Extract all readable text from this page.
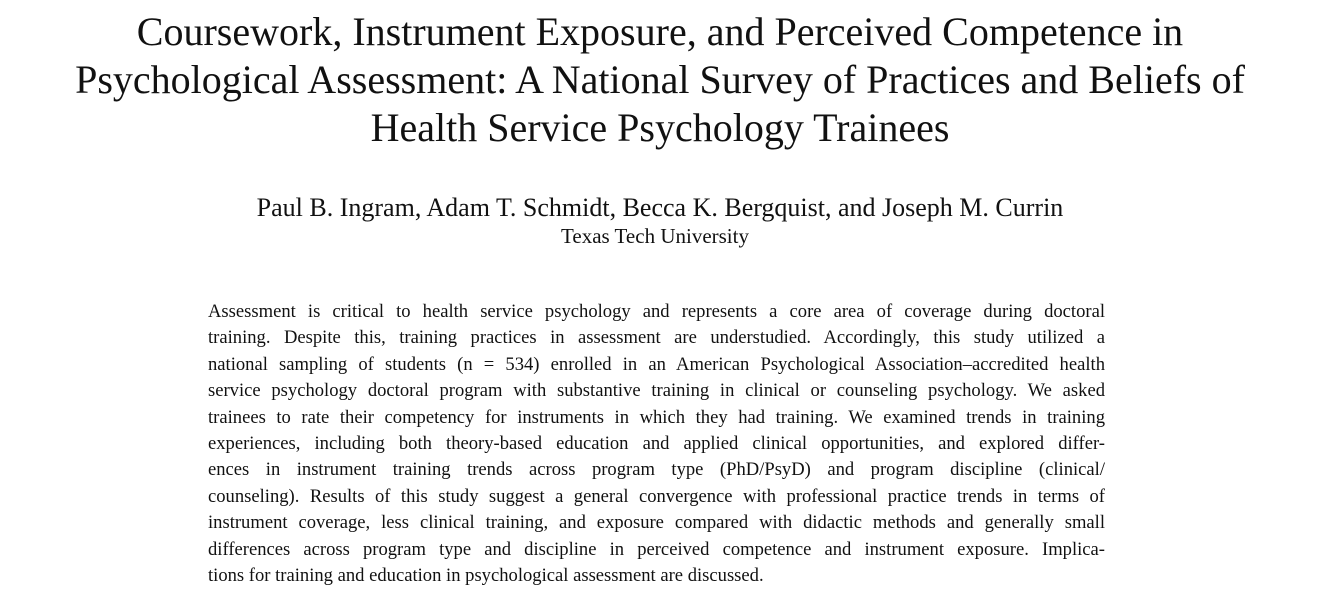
Coursework, Instrument Exposure, and Perceived Competence in
Psychological Assessment: A National Survey of Practices and Beliefs of
Health Service Psychology Trainees
Paul B. Ingram, Adam T. Schmidt, Becca K. Bergquist, and Joseph M. Currin
Texas Tech University
Assessment is critical to health service psychology and represents a core area of coverage during doctoral
training. Despite this, training practices in assessment are understudied. Accordingly, this study utilized a
national sampling of students (n = 534) enrolled in an American Psychological Association–accredited health
service psychology doctoral program with substantive training in clinical or counseling psychology. We asked
trainees to rate their competency for instruments in which they had training. We examined trends in training
experiences, including both theory-based education and applied clinical opportunities, and explored differ-
ences in instrument training trends across program type (PhD/PsyD) and program discipline (clinical/
counseling). Results of this study suggest a general convergence with professional practice trends in terms of
instrument coverage, less clinical training, and exposure compared with didactic methods and generally small
differences across program type and discipline in perceived competence and instrument exposure. Implica-
tions for training and education in psychological assessment are discussed.
